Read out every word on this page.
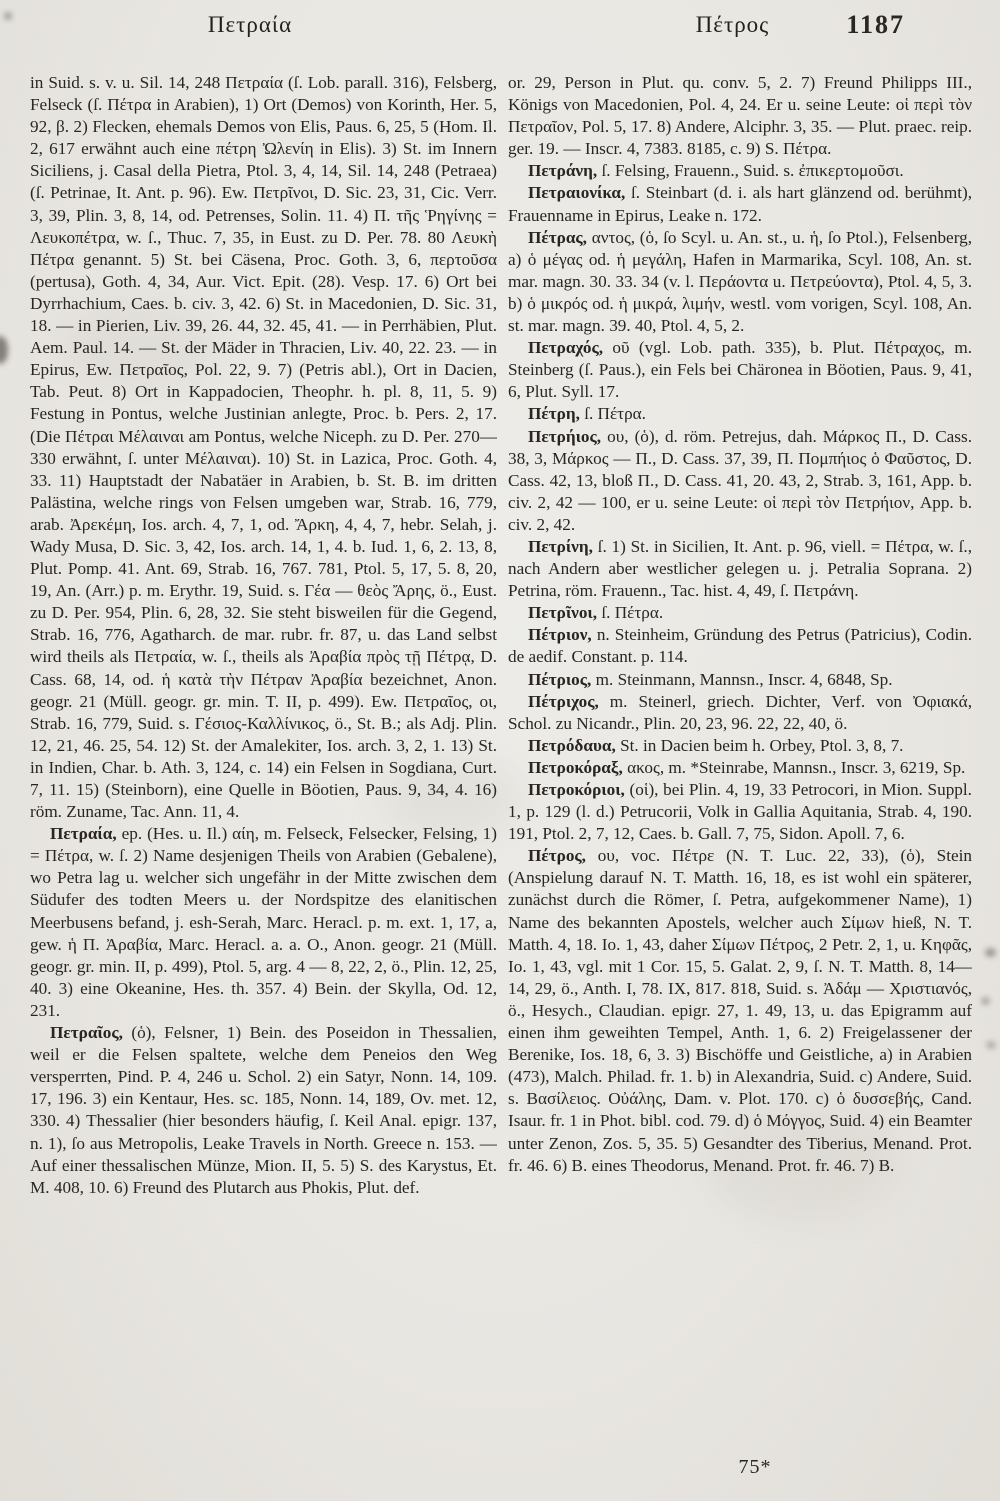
Πετραία	Πέτρος	1187

in Suid. s. v. u. Sil. 14, 248 Πετραία (ſ. Lob. parall. 316), Felsberg, Felseck (ſ. Πέτρα in Arabien), 1) Ort (Demos) von Korinth, Her. 5, 92, β. 2) Flecken, ehemals Demos von Elis, Paus. 6, 25, 5 (Hom. Il. 2, 617 erwähnt auch eine πέτρη Ὠλενίη in Elis). 3) St. im Innern Siciliens, j. Casal della Pietra, Ptol. 3, 4, 14, Sil. 14, 248 (Petraea) (ſ. Petrinae, It. Ant. p. 96). Ew. Πετρῖνοι, D. Sic. 23, 31, Cic. Verr. 3, 39, Plin. 3, 8, 14, od. Petrenses, Solin. 11. 4) Π. τῆς Ῥηγίνης = Λευκοπέτρα, w. ſ., Thuc. 7, 35, in Eust. zu D. Per. 78. 80 Λευκὴ Πέτρα genannt. 5) St. bei Cäsena, Proc. Goth. 3, 6, περτοῦσα (pertusa), Goth. 4, 34, Aur. Vict. Epit. (28). Vesp. 17. 6) Ort bei Dyrrhachium, Caes. b. civ. 3, 42. 6) St. in Macedonien, D. Sic. 31, 18. — in Pierien, Liv. 39, 26. 44, 32. 45, 41. — in Perrhäbien, Plut. Aem. Paul. 14. — St. der Mäder in Thracien, Liv. 40, 22. 23. — in Epirus, Ew. Πετραῖος, Pol. 22, 9. 7) (Petris abl.), Ort in Dacien, Tab. Peut. 8) Ort in Kappadocien, Theophr. h. pl. 8, 11, 5. 9) Festung in Pontus, welche Justinian anlegte, Proc. b. Pers. 2, 17. (Die Πέτραι Μέλαιναι am Pontus, welche Niceph. zu D. Per. 270—330 erwähnt, ſ. unter Μέλαιναι). 10) St. in Lazica, Proc. Goth. 4, 33. 11) Hauptstadt der Nabatäer in Arabien, b. St. B. im dritten Palästina, welche rings von Felsen umgeben war, Strab. 16, 779, arab. Ἀρεκέμη, Ios. arch. 4, 7, 1, od. Ἄρκη, 4, 4, 7, hebr. Selah, j. Wady Musa, D. Sic. 3, 42, Ios. arch. 14, 1, 4. b. Iud. 1, 6, 2. 13, 8, Plut. Pomp. 41. Ant. 69, Strab. 16, 767. 781, Ptol. 5, 17, 5. 8, 20, 19, An. (Arr.) p. m. Erythr. 19, Suid. s. Γέα — θεὸς Ἄρης, ö., Eust. zu D. Per. 954, Plin. 6, 28, 32. Sie steht bisweilen für die Gegend, Strab. 16, 776, Agatharch. de mar. rubr. fr. 87, u. das Land selbst wird theils als Πετραία, w. ſ., theils als Ἀραβία πρὸς τῇ Πέτρᾳ, D. Cass. 68, 14, od. ἡ κατὰ τὴν Πέτραν Ἀραβία bezeichnet, Anon. geogr. 21 (Müll. geogr. gr. min. T. II, p. 499). Ew. Πετραῖος, οι, Strab. 16, 779, Suid. s. Γέσιος-Καλλίνικος, ö., St. B.; als Adj. Plin. 12, 21, 46. 25, 54. 12) St. der Amalekiter, Ios. arch. 3, 2, 1. 13) St. in Indien, Char. b. Ath. 3, 124, c. 14) ein Felsen in Sogdiana, Curt. 7, 11. 15) (Steinborn), eine Quelle in Böotien, Paus. 9, 34, 4. 16) röm. Zuname, Tac. Ann. 11, 4.

Πετραία, ep. (Hes. u. Il.) αίη, m. Felseck, Felsecker, Felsing, 1) = Πέτρα, w. ſ. 2) Name desjenigen Theils von Arabien (Gebalene), wo Petra lag u. welcher sich ungefähr in der Mitte zwischen dem Südufer des todten Meers u. der Nordspitze des elanitischen Meerbusens befand, j. esh-Serah, Marc. Heracl. p. m. ext. 1, 17, a, gew. ἡ Π. Ἀραβία, Marc. Heracl. a. a. O., Anon. geogr. 21 (Müll. geogr. gr. min. II, p. 499), Ptol. 5, arg. 4 — 8, 22, 2, ö., Plin. 12, 25, 40. 3) eine Okeanine, Hes. th. 357. 4) Bein. der Skylla, Od. 12, 231.

Πετραῖος, (ὁ), Felsner, 1) Bein. des Poseidon in Thessalien, weil er die Felsen spaltete, welche dem Peneios den Weg versperrten, Pind. P. 4, 246 u. Schol. 2) ein Satyr, Nonn. 14, 109. 17, 196. 3) ein Kentaur, Hes. sc. 185, Nonn. 14, 189, Ov. met. 12, 330. 4) Thessalier (hier besonders häufig, ſ. Keil Anal. epigr. 137, n. 1), ſo aus Metropolis, Leake Travels in North. Greece n. 153. — Auf einer thessalischen Münze, Mion. II, 5. 5) S. des Karystus, Et. M. 408, 10. 6) Freund des Plutarch aus Phokis, Plut. def.

or. 29, Person in Plut. qu. conv. 5, 2. 7) Freund Philipps III., Königs von Macedonien, Pol. 4, 24. Er u. seine Leute: οἱ περὶ τὸν Πετραῖον, Pol. 5, 17. 8) Andere, Alciphr. 3, 35. — Plut. praec. reip. ger. 19. — Inscr. 4, 7383. 8185, c. 9) S. Πέτρα.

Πετράνη, ſ. Felsing, Frauenn., Suid. s. ἐπικερτομοῦσι.

Πετραιονίκα, ſ. Steinbart (d. i. als hart glänzend od. berühmt), Frauenname in Epirus, Leake n. 172.

Πέτρας, αντος, (ὁ, ſo Scyl. u. An. st., u. ἡ, ſo Ptol.), Felsenberg, a) ὁ μέγας od. ἡ μεγάλη, Hafen in Marmarika, Scyl. 108, An. st. mar. magn. 30. 33. 34 (v. l. Περάοντα u. Πετρεύοντα), Ptol. 4, 5, 3. b) ὁ μικρός od. ἡ μικρά, λιμήν, westl. vom vorigen, Scyl. 108, An. st. mar. magn. 39. 40, Ptol. 4, 5, 2.

Πετραχός, οῦ (vgl. Lob. path. 335), b. Plut. Πέτραχος, m. Steinberg (ſ. Paus.), ein Fels bei Chäronea in Böotien, Paus. 9, 41, 6, Plut. Syll. 17.

Πέτρη, ſ. Πέτρα.

Πετρήιος, ου, (ὁ), d. röm. Petrejus, dah. Μάρκος Π., D. Cass. 38, 3, Μάρκος — Π., D. Cass. 37, 39, Π. Πομπήιος ὁ Φαῦστος, D. Cass. 42, 13, bloß Π., D. Cass. 41, 20. 43, 2, Strab. 3, 161, App. b. civ. 2, 42 — 100, er u. seine Leute: οἱ περὶ τὸν Πετρήιον, App. b. civ. 2, 42.

Πετρίνη, ſ. 1) St. in Sicilien, It. Ant. p. 96, viell. = Πέτρα, w. ſ., nach Andern aber westlicher gelegen u. j. Petralia Soprana. 2) Petrina, röm. Frauenn., Tac. hist. 4, 49, ſ. Πετράνη.

Πετρῖνοι, ſ. Πέτρα.

Πέτριον, n. Steinheim, Gründung des Petrus (Patricius), Codin. de aedif. Constant. p. 114.

Πέτριος, m. Steinmann, Mannsn., Inscr. 4, 6848, Sp.

Πέτριχος, m. Steinerl, griech. Dichter, Verf. von Ὀφιακά, Schol. zu Nicandr., Plin. 20, 23, 96. 22, 22, 40, ö.

Πετρόδαυα, St. in Dacien beim h. Orbey, Ptol. 3, 8, 7.

Πετροκόραξ, ακος, m. *Steinrabe, Mannsn., Inscr. 3, 6219, Sp.

Πετροκόριοι, (οἱ), bei Plin. 4, 19, 33 Petrocori, in Mion. Suppl. 1, p. 129 (l. d.) Petrucorii, Volk in Gallia Aquitania, Strab. 4, 190. 191, Ptol. 2, 7, 12, Caes. b. Gall. 7, 75, Sidon. Apoll. 7, 6.

Πέτρος, ου, voc. Πέτρε (N. T. Luc. 22, 33), (ὁ), Stein (Anspielung darauf N. T. Matth. 16, 18, es ist wohl ein späterer, zunächst durch die Römer, ſ. Petra, aufgekommener Name), 1) Name des bekannten Apostels, welcher auch Σίμων hieß, N. T. Matth. 4, 18. Io. 1, 43, daher Σίμων Πέτρος, 2 Petr. 2, 1, u. Κηφᾶς, Io. 1, 43, vgl. mit 1 Cor. 15, 5. Galat. 2, 9, ſ. N. T. Matth. 8, 14—14, 29, ö., Anth. I, 78. IX, 817. 818, Suid. s. Ἀδάμ — Χριστιανός, ö., Hesych., Claudian. epigr. 27, 1. 49, 13, u. das Epigramm auf einen ihm geweihten Tempel, Anth. 1, 6. 2) Freigelassener der Berenike, Ios. 18, 6, 3. 3) Bischöffe und Geistliche, a) in Arabien (473), Malch. Philad. fr. 1. b) in Alexandria, Suid. c) Andere, Suid. s. Βασίλειος. Οὐάλης, Dam. v. Plot. 170. c) ὁ δυσσεβής, Cand. Isaur. fr. 1 in Phot. bibl. cod. 79. d) ὁ Μόγγος, Suid. 4) ein Beamter unter Zenon, Zos. 5, 35. 5) Gesandter des Tiberius, Menand. Prot. fr. 46. 6) B. eines Theodorus, Menand. Prot. fr. 46. 7) B.

75*
